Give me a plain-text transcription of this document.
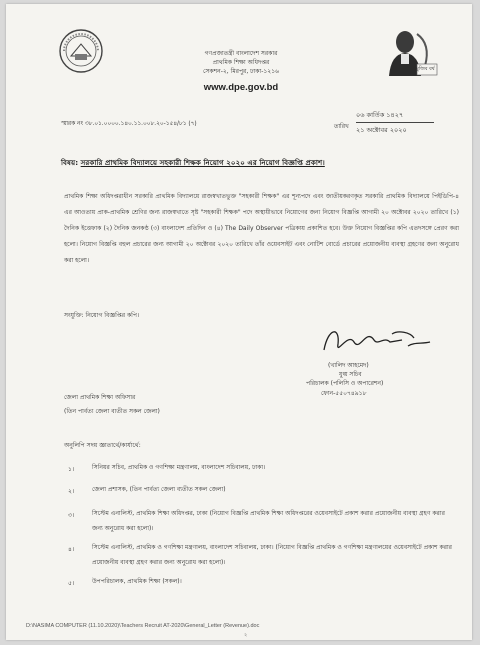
মুজিব বর্ষ
গণপ্রজাতন্ত্রী বাংলাদেশ সরকার
প্রাথমিক শিক্ষা অধিদপ্তর
সেকশন-২, মিরপুর, ঢাকা-১২১৬
www.dpe.gov.bd
স্মারক নং ৩৮.০১.০০০০.১৪০.১১.০০৮.২০-১৫৪/৮১ (৭)	তারিখ
০৬ কার্তিক ১৪২৭
২১ অক্টোবর ২০২০
বিষয়: সরকারি প্রাথমিক বিদ্যালয়ে সহকারী শিক্ষক নিয়োগ ২০২০ এর নিয়োগ বিজ্ঞপ্তি প্রকাশ।
প্রাথমিক শিক্ষা অধিদপ্তরাধীন সরকারি প্রাথমিক বিদ্যালয়ে রাজস্বখাতভুক্ত "সহকারী শিক্ষক" এর শূন্যপদে এবং জাতীয়করণকৃত সরকারি প্রাথমিক বিদ্যালয়ে পিইডিপি-৪ এর আওতায় প্রাক-প্রাথমিক শ্রেণির জন্য রাজস্বখাতে সৃষ্ট "সহকারী শিক্ষক" পদে অস্থায়ীভাবে নিয়োগের জন্য নিয়োগ বিজ্ঞপ্তি আগামী ২০ অক্টোবর ২০২০ তারিখে (১) দৈনিক ইত্তেফাক (২) দৈনিক জনকণ্ঠ (৩) বাংলাদেশ প্রতিদিন ও (৪) The Daily Observer পত্রিকায় প্রকাশিত হবে। উক্ত নিয়োগ বিজ্ঞপ্তির কপি এতদসঙ্গে প্রেরণ করা হলো। নিয়োগ বিজ্ঞপ্তি বহুল প্রচারের জন্য আগামী ২০ অক্টোবর ২০২০ তারিখে তাঁর ওয়েবসাইট এবং নোটিশ বোর্ডে প্রচারের প্রয়োজনীয় ব্যবস্থা গ্রহণের জন্য অনুরোধ করা হলো।
সংযুক্তি: নিয়োগ বিজ্ঞপ্তির কপি।
(খালিদ আহমেদ)
যুগ্ম সচিব
পরিচালক (পলিসি ও অপারেশন)
ফোন-৫৫০৭৪৯১৮
জেলা প্রাথমিক শিক্ষা অফিসার
(তিন পার্বত্য জেলা ব্যতীত সকল জেলা)
অনুলিপি সদয় জ্ঞাতার্থে/কার্যার্থে:
১।	সিনিয়র সচিব, প্রাথমিক ও গণশিক্ষা মন্ত্রণালয়, বাংলাদেশ সচিবালয়, ঢাকা।
২।	জেলা প্রশাসক, (তিন পার্বত্য জেলা ব্যতীত সকল জেলা)
৩।	সিস্টেম এনালিস্ট, প্রাথমিক শিক্ষা অধিদপ্তর, ঢাকা (নিয়োগ বিজ্ঞপ্তি প্রাথমিক শিক্ষা অধিদপ্তরের ওয়েবসাইটে প্রকাশ করার প্রয়োজনীয় ব্যবস্থা গ্রহণ করার জন্য অনুরোধ করা হলো)।
৪।	সিস্টেম এনালিস্ট, প্রাথমিক ও গণশিক্ষা মন্ত্রণালয়, বাংলাদেশ সচিবালয়, ঢাকা। (নিয়োগ বিজ্ঞপ্তি প্রাথমিক ও গণশিক্ষা মন্ত্রণালয়ের ওয়েবসাইটে প্রকাশ করার প্রয়োজনীয় ব্যবস্থা গ্রহণ করার জন্য অনুরোধ করা হলো)।
৫।	উপপরিচালক, প্রাথমিক শিক্ষা (সকল)।
D:\NASIMA COMPUTER (11.10.2020)\Teachers Recruit AT-2020\General_Letter (Revenue).doc
২
